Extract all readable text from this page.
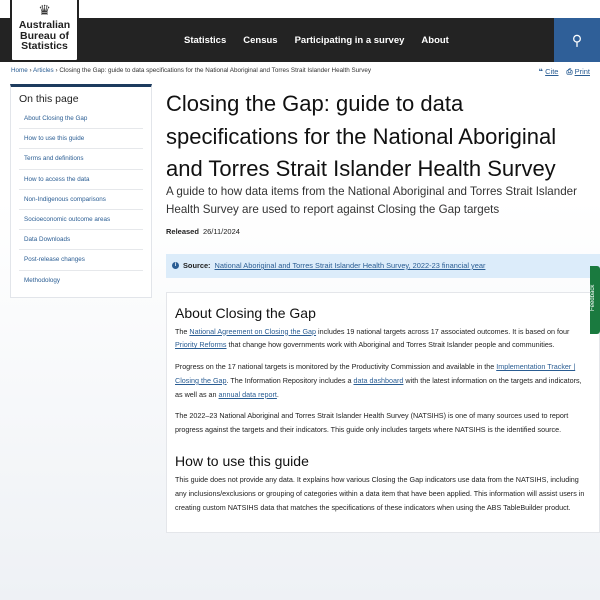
Statistics Census Participating in a survey About	⚲
♛
Australian
Bureau of
Statistics
Home › Articles › Closing the Gap: guide to data specifications for the National Aboriginal and Torres Strait Islander Health Survey	❝ Cite ⎙ Print
On this page
About Closing the Gap
How to use this guide
Terms and definitions
How to access the data
Non-Indigenous comparisons
Socioeconomic outcome areas
Data Downloads
Post-release changes
Methodology
Closing the Gap: guide to data specifications for the National Aboriginal and Torres Strait Islander Health Survey
A guide to how data items from the National Aboriginal and Torres Strait Islander Health Survey are used to report against Closing the Gap targets
Released 26/11/2024
i Source: National Aboriginal and Torres Strait Islander Health Survey, 2022-23 financial year
About Closing the Gap

The National Agreement on Closing the Gap includes 19 national targets across 17 associated outcomes. It is based on four Priority Reforms that change how governments work with Aboriginal and Torres Strait Islander people and communities.

Progress on the 17 national targets is monitored by the Productivity Commission and available in the Implementation Tracker | Closing the Gap. The Information Repository includes a data dashboard with the latest information on the targets and indicators, as well as an annual data report.

The 2022–23 National Aboriginal and Torres Strait Islander Health Survey (NATSIHS) is one of many sources used to report progress against the targets and their indicators. This guide only includes targets where NATSIHS is the identified source.

How to use this guide

This guide does not provide any data. It explains how various Closing the Gap indicators use data from the NATSIHS, including any inclusions/exclusions or grouping of categories within a data item that have been applied. This information will assist users in creating custom NATSIHS data that matches the specifications of these indicators when using the ABS TableBuilder product.

Feedback
